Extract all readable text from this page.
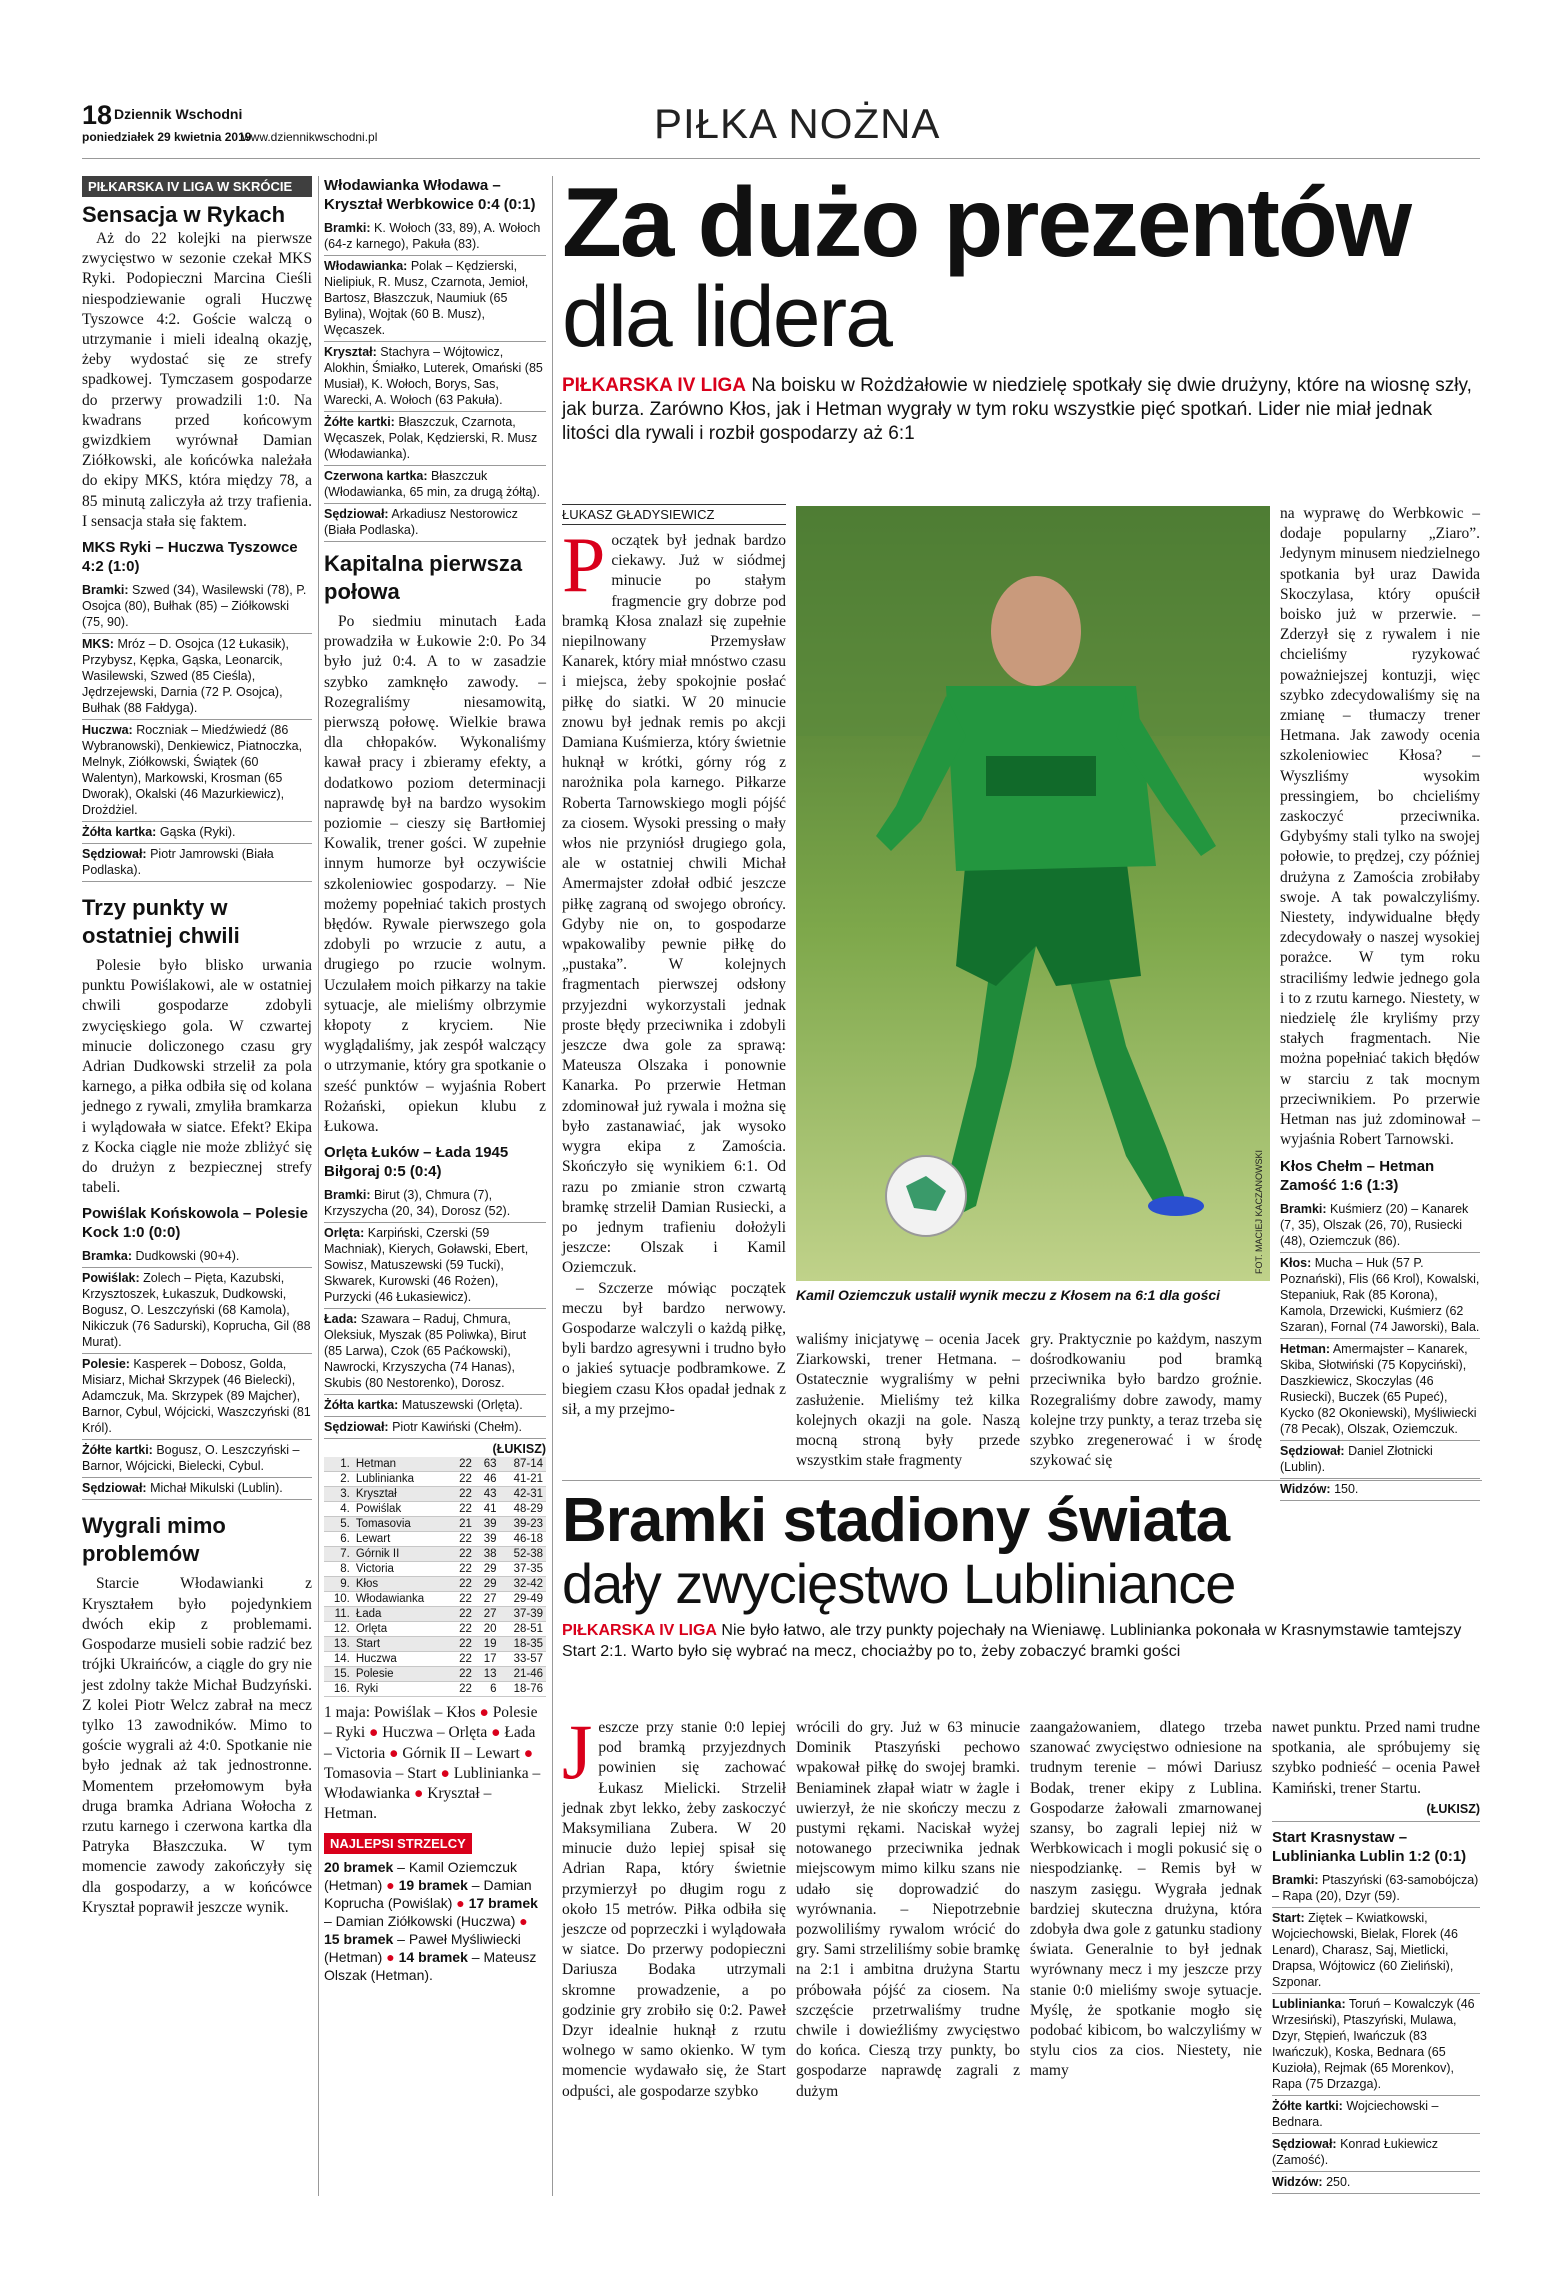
18 Dziennik Wschodni
poniedziałek 29 kwietnia 2019
www.dziennikwschodni.pl	PIŁKA NOŻNA
PIŁKARSKA IV LIGA W SKRÓCIE
Sensacja w Rykach
Aż do 22 kolejki na pierwsze zwycięstwo w sezonie czekał MKS Ryki. Podopieczni Marcina Cieśli niespodziewanie ograli Huczwę Tyszowce 4:2. Goście walczą o utrzymanie i mieli idealną okazję, żeby wydostać się ze strefy spadkowej. Tymczasem gospodarze do przerwy prowadzili 1:0. Na kwadrans przed końcowym gwizdkiem wyrównał Damian Ziółkowski, ale końcówka należała do ekipy MKS, która między 78, a 85 minutą zaliczyła aż trzy trafienia. I sensacja stała się faktem.
MKS Ryki – Huczwa Tyszowce 4:2 (1:0)
Bramki: Szwed (34), Wasilewski (78), P. Osojca (80), Bułhak (85) – Ziółkowski (75, 90).
MKS: Mróz – D. Osojca (12 Łukasik), Przybysz, Kępka, Gąska, Leonarcik, Wasilewski, Szwed (85 Cieśla), Jędrzejewski, Darnia (72 P. Osojca), Bułhak (88 Fałdyga).
Huczwa: Roczniak – Miedźwiedź (86 Wybranowski), Denkiewicz, Piatnoczka, Melnyk, Ziółkowski, Świątek (60 Walentyn), Markowski, Krosman (65 Dworak), Okalski (46 Mazurkiewicz), Drożdżiel.
Żółta kartka: Gąska (Ryki).
Sędziował: Piotr Jamrowski (Biała Podlaska).
Trzy punkty w ostatniej chwili
Polesie było blisko urwania punktu Powiślakowi, ale w ostatniej chwili gospodarze zdobyli zwycięskiego gola. W czwartej minucie doliczonego czasu gry Adrian Dudkowski strzelił za pola karnego, a piłka odbiła się od kolana jednego z rywali, zmyliła bramkarza i wylądowała w siatce. Efekt? Ekipa z Kocka ciągle nie może zbliżyć się do drużyn z bezpiecznej strefy tabeli.
Powiślak Końskowola – Polesie Kock 1:0 (0:0)
Bramka: Dudkowski (90+4).
Powiślak: Zolech – Pięta, Kazubski, Krzysztoszek, Łukaszuk, Dudkowski, Bogusz, O. Leszczyński (68 Kamola), Nikiczuk (76 Sadurski), Kopruchа, Gil (88 Murat).
Polesie: Kasperek – Dobosz, Golda, Misiarz, Michał Skrzypek (46 Bielecki), Adamczuk, Ma. Skrzypek (89 Majcher), Barnor, Cybul, Wójcicki, Waszczyński (81 Król).
Żółte kartki: Bogusz, O. Leszczyński – Barnor, Wójcicki, Bielecki, Cybul.
Sędziował: Michał Mikulski (Lublin).
Wygrali mimo problemów
Starcie Włodawianki z Kryształem było pojedynkiem dwóch ekip z problemami. Gospodarze musieli sobie radzić bez trójki Ukraińców, a ciągle do gry nie jest zdolny także Michał Budzyński. Z kolei Piotr Welcz zabrał na mecz tylko 13 zawodników. Mimo to goście wygrali aż 4:0. Spotkanie nie było jednak aż tak jednostronne. Momentem przełomowym była druga bramka Adriana Wołocha z rzutu karnego i czerwona kartka dla Patryka Błaszczuka. W tym momencie zawody zakończyły się dla gospodarzy, a w końcówce Kryształ poprawił jeszcze wynik.
Włodawianka Włodawa – Kryształ Werbkowice 0:4 (0:1)
Bramki: K. Wołoch (33, 89), A. Wołoch (64-z karnego), Pakuła (83).
Włodawianka: Polak – Kędzierski, Nielipiuk, R. Musz, Czarnota, Jemioł, Bartosz, Błaszczuk, Naumiuk (65 Bylina), Wojtak (60 B. Musz), Węcaszek.
Kryształ: Stachyra – Wójtowicz, Alokhin, Śmiałko, Luterek, Omański (85 Musiał), K. Wołoch, Borys, Sas, Warecki, A. Wołoch (63 Pakuła).
Żółte kartki: Błaszczuk, Czarnota, Węcaszek, Polak, Kędzierski, R. Musz (Włodawianka).
Czerwona kartka: Błaszczuk (Włodawianka, 65 min, za drugą żółtą).
Sędziował: Arkadiusz Nestorowicz (Biała Podlaska).
Kapitalna pierwsza połowa
Po siedmiu minutach Łada prowadziła w Łukowie 2:0. Po 34 było już 0:4. A to w zasadzie szybko zamknęło zawody. – Rozegraliśmy niesamowitą, pierwszą połowę. Wielkie brawa dla chłopaków. Wykonaliśmy kawał pracy i zbieramy efekty, a dodatkowo poziom determinacji naprawdę był na bardzo wysokim poziomie – cieszy się Bartłomiej Kowalik, trener gości. W zupełnie innym humorze był oczywiście szkoleniowiec gospodarzy. – Nie możemy popełniać takich prostych błędów. Rywale pierwszego gola zdobyli po wrzucie z autu, a drugiego po rzucie wolnym. Uczulałem moich piłkarzy na takie sytuacje, ale mieliśmy olbrzymie kłopoty z kryciem. Nie wyglądaliśmy, jak zespół walczący o utrzymanie, który gra spotkanie o sześć punktów – wyjaśnia Robert Rożański, opiekun klubu z Łukowa.
Orlęta Łuków – Łada 1945 Biłgoraj 0:5 (0:4)
Bramki: Birut (3), Chmura (7), Krzyszycha (20, 34), Dorosz (52).
Orlęta: Karpiński, Czerski (59 Machniak), Kierych, Goławski, Ebert, Sowisz, Matuszewski (59 Tucki), Skwarek, Kurowski (46 Rożen), Purzycki (46 Łukasiewicz).
Łada: Szawara – Raduj, Chmura, Oleksiuk, Myszak (85 Poliwka), Birut (85 Larwa), Czok (65 Paćkowski), Nawrocki, Krzyszycha (74 Hanas), Skubis (80 Nestorenko), Dorosz.
Żółta kartka: Matuszewski (Orlęta).
Sędziował: Piotr Kawiński (Chełm).
(ŁUKISZ)
1.	Hetman	22	63	87-14
2.	Lublinianka	22	46	41-21
3.	Kryształ	22	43	42-31
4.	Powiślak	22	41	48-29
5.	Tomasovia	21	39	39-23
6.	Lewart	22	39	46-18
7.	Górnik II	22	38	52-38
8.	Victoria	22	29	37-35
9.	Kłos	22	29	32-42
10.	Włodawianka	22	27	29-49
11.	Łada	22	27	37-39
12.	Orlęta	22	20	28-51
13.	Start	22	19	18-35
14.	Huczwa	22	17	33-57
15.	Polesie	22	13	21-46
16.	Ryki	22	6	18-76
1 maja: Powiślak – Kłos ● Polesie – Ryki ● Huczwa – Orlęta ● Łada – Victoria ● Górnik II – Lewart ● Tomasovia – Start ● Lublinianka – Włodawianka ● Kryształ – Hetman.
NAJLEPSI STRZELCY
20 bramek – Kamil Oziemczuk (Hetman) ● 19 bramek – Damian Kopruchа (Powiślak) ● 17 bramek – Damian Ziółkowski (Huczwa) ● 15 bramek – Paweł Myśliwiecki (Hetman) ● 14 bramek – Mateusz Olszak (Hetman).
Za dużo prezentów
dla lidera
PIŁKARSKA IV LIGA Na boisku w Rożdżałowie w niedzielę spotkały się dwie drużyny, które na wiosnę szły, jak burza. Zarówno Kłos, jak i Hetman wygrały w tym roku wszystkie pięć spotkań. Lider nie miał jednak litości dla rywali i rozbił gospodarzy aż 6:1
ŁUKASZ GŁADYSIEWICZ
Początek był jednak bardzo ciekawy. Już w siódmej minucie po stałym fragmencie gry dobrze pod bramką Kłosa znalazł się zupełnie niepilnowany Przemysław Kanarek, który miał mnóstwo czasu i miejsca, żeby spokojnie posłać piłkę do siatki. W 20 minucie znowu był jednak remis po akcji Damiana Kuśmierza, który świetnie huknął w krótki, górny róg z narożnika pola karnego. Piłkarze Roberta Tarnowskiego mogli pójść za ciosem. Wysoki pressing o mały włos nie przyniósł drugiego gola, ale w ostatniej chwili Michał Amermajster zdołał odbić jeszcze piłkę zagraną od swojego obrońcy. Gdyby nie on, to gospodarze wpakowaliby pewnie piłkę do „pustaka”. W kolejnych fragmentach pierwszej odsłony przyjezdni wykorzystali jednak proste błędy przeciwnika i zdobyli jeszcze dwa gole za sprawą: Mateusza Olszaka i ponownie Kanarka. Po przerwie Hetman zdominował już rywala i można się było zastanawiać, jak wysoko wygra ekipa z Zamościa. Skończyło się wynikiem 6:1. Od razu po zmianie stron czwartą bramkę strzelił Damian Rusiecki, a po jednym trafieniu dołożyli jeszcze: Olszak i Kamil Oziemczuk.
– Szczerze mówiąc początek meczu był bardzo nerwowy. Gospodarze walczyli o każdą piłkę, byli bardzo agresywni i trudno było o jakieś sytuacje podbramkowe. Z biegiem czasu Kłos opadał jednak z sił, a my przejmo-
FOT. MACIEJ KACZANOWSKI
Kamil Oziemczuk ustalił wynik meczu z Kłosem na 6:1 dla gości
waliśmy inicjatywę – ocenia Jacek Ziarkowski, trener Hetmana. – Ostatecznie wygraliśmy w pełni zasłużenie. Mieliśmy też kilka kolejnych okazji na gole. Naszą mocną stroną były przede wszystkim stałe fragmenty
gry. Praktycznie po każdym, naszym dośrodkowaniu pod bramką przeciwnika było bardzo groźnie. Rozegraliśmy dobre zawody, mamy kolejne trzy punkty, a teraz trzeba się szybko zregenerować i w środę szykować się
na wyprawę do Werbkowic – dodaje popularny „Ziaro”. Jedynym minusem niedzielnego spotkania był uraz Dawida Skoczylasa, który opuścił boisko już w przerwie. – Zderzył się z rywalem i nie chcieliśmy ryzykować poważniejszej kontuzji, więc szybko zdecydowaliśmy się na zmianę – tłumaczy trener Hetmana. Jak zawody ocenia szkoleniowiec Kłosa? – Wyszliśmy wysokim pressingiem, bo chcieliśmy zaskoczyć przeciwnika. Gdybyśmy stali tylko na swojej połowie, to prędzej, czy później drużyna z Zamościa zrobiłaby swoje. A tak powalczyliśmy. Niestety, indywidualne błędy zdecydowały o naszej wysokiej porażce. W tym roku straciliśmy ledwie jednego gola i to z rzutu karnego. Niestety, w niedzielę źle kryliśmy przy stałych fragmentach. Nie można popełniać takich błędów w starciu z tak mocnym przeciwnikiem. Po przerwie Hetman nas już zdominował – wyjaśnia Robert Tarnowski.
Kłos Chełm – Hetman Zamość 1:6 (1:3)
Bramki: Kuśmierz (20) – Kanarek (7, 35), Olszak (26, 70), Rusiecki (48), Oziemczuk (86).
Kłos: Mucha – Huk (57 P. Poznański), Flis (66 Krol), Kowalski, Stepaniuk, Rak (85 Korona), Kamola, Drzewicki, Kuśmierz (62 Szaran), Fornal (74 Jaworski), Bala.
Hetman: Amermajster – Kanarek, Skiba, Słotwiński (75 Kopyciński), Daszkiewicz, Skoczylas (46 Rusiecki), Buczek (65 Pupeć), Kyckо (82 Okoniewski), Myśliwiecki (78 Pecak), Olszak, Oziemczuk.
Sędziował: Daniel Złotnicki (Lublin).
Widzów: 150.
Bramki stadiony świata
dały zwycięstwo Lubliniance
PIŁKARSKA IV LIGA Nie było łatwo, ale trzy punkty pojechały na Wieniawę. Lublinianka pokonała w Krasnymstawie tamtejszy Start 2:1. Warto było się wybrać na mecz, chociażby po to, żeby zobaczyć bramki gości
Jeszcze przy stanie 0:0 lepiej pod bramką przyjezdnych powinien się zachować Łukasz Mielicki. Strzelił jednak zbyt lekko, żeby zaskoczyć Maksymiliana Zubera. W 20 minucie dużo lepiej spisał się Adrian Rapa, który świetnie przymierzył po długim rogu z około 15 metrów. Piłka odbiła się jeszcze od poprzeczki i wylądowała w siatce. Do przerwy podopieczni Dariusza Bodaka utrzymali skromne prowadzenie, a po godzinie gry zrobiło się 0:2. Paweł Dzyr idealnie huknął z rzutu wolnego w samo okienko. W tym momencie wydawało się, że Start odpuści, ale gospodarze szybko
wrócili do gry. Już w 63 minucie Dominik Ptaszyński pechowo wpakował piłkę do swojej bramki. Beniaminek złapał wiatr w żagle i uwierzył, że nie skończy meczu z pustymi rękami. Naciskał wyżej notowanego przeciwnika jednak miejscowym mimo kilku szans nie udało się doprowadzić do wyrównania. – Niepotrzebnie pozwoliliśmy rywalom wrócić do gry. Sami strzeliliśmy sobie bramkę na 2:1 i ambitna drużyna Startu próbowała pójść za ciosem. Na szczęście przetrwaliśmy trudne chwile i dowieźliśmy zwycięstwo do końca. Cieszą trzy punkty, bo gospodarze naprawdę zagrali z dużym
zaangażowaniem, dlatego trzeba szanować zwycięstwo odniesione na trudnym terenie – mówi Dariusz Bodak, trener ekipy z Lublina. Gospodarze żałowali zmarnowanej szansy, bo zagrali lepiej niż w Werbkowicach i mogli pokusić się o niespodziankę. – Remis był w naszym zasięgu. Wygrała jednak bardziej skuteczna drużyna, która zdobyła dwa gole z gatunku stadiony świata. Generalnie to był jednak wyrównany mecz i my jeszcze przy stanie 0:0 mieliśmy swoje sytuacje. Myślę, że spotkanie mogło się podobać kibicom, bo walczyliśmy w stylu cios za cios. Niestety, nie mamy
nawet punktu. Przed nami trudne spotkania, ale spróbujemy się szybko podnieść – ocenia Paweł Kamiński, trener Startu.
(ŁUKISZ)
Start Krasnystaw – Lublinianka Lublin 1:2 (0:1)
Bramki: Ptaszyński (63-samobójcza) – Rapa (20), Dzyr (59).
Start: Ziętek – Kwiatkowski, Wojciechowski, Bielak, Florek (46 Lenard), Charasz, Saj, Mietlicki, Drapsa, Wójtowicz (60 Zieliński), Szponar.
Lublinianka: Toruń – Kowalczyk (46 Wrzesiński), Ptaszyński, Mulawa, Dzyr, Stępień, Iwańczuk (83 Iwańczuk), Koska, Bednara (65 Kuzioła), Rejmak (65 Morenkov), Rapa (75 Drzazga).
Żółte kartki: Wojciechowski – Bednara.
Sędziował: Konrad Łukiewicz (Zamość).
Widzów: 250.
